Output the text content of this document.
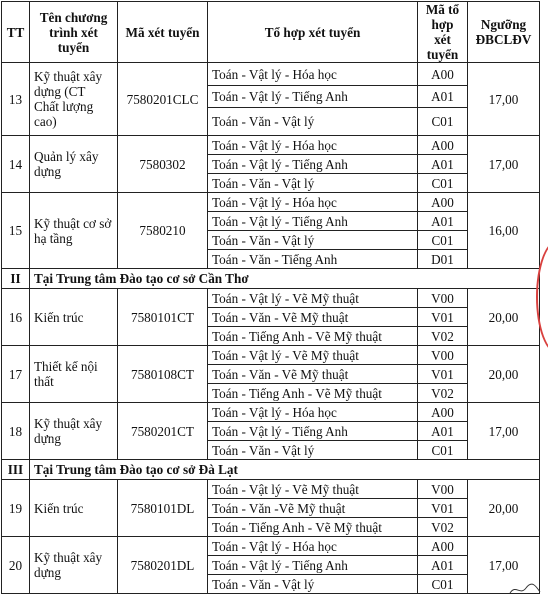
TT	Tên chương trình xét tuyển	Mã xét tuyển	Tổ hợp xét tuyển	Mã tổ hợp xét tuyển	Ngưỡng ĐBCLĐV
13	Kỹ thuật xây dựng (CT Chất lượng cao)	7580201CLC	Toán - Vật lý - Hóa học	A00	17,00
			Toán - Vật lý - Tiếng Anh	A01	
			Toán - Văn - Vật lý	C01	
14	Quản lý xây dựng	7580302	Toán - Vật lý - Hóa học	A00	17,00
			Toán - Vật lý - Tiếng Anh	A01	
			Toán - Văn - Vật lý	C01	
15	Kỹ thuật cơ sở hạ tầng	7580210	Toán - Vật lý - Hóa học	A00	16,00
			Toán - Vật lý - Tiếng Anh	A01	
			Toán - Văn - Vật lý	C01	
			Toán - Văn - Tiếng Anh	D01	
II	Tại Trung tâm Đào tạo cơ sở Cần Thơ				
16	Kiến trúc	7580101CT	Toán - Vật lý - Vẽ Mỹ thuật	V00	20,00
			Toán - Văn - Vẽ Mỹ thuật	V01	
			Toán - Tiếng Anh - Vẽ Mỹ thuật	V02	
17	Thiết kế nội thất	7580108CT	Toán - Vật lý - Vẽ Mỹ thuật	V00	20,00
			Toán - Văn - Vẽ Mỹ thuật	V01	
			Toán - Tiếng Anh - Vẽ Mỹ thuật	V02	
18	Kỹ thuật xây dựng	7580201CT	Toán - Vật lý - Hóa học	A00	17,00
			Toán - Vật lý - Tiếng Anh	A01	
			Toán - Văn - Vật lý	C01	
III	Tại Trung tâm Đào tạo cơ sở Đà Lạt				
19	Kiến trúc	7580101DL	Toán - Vật lý - Vẽ Mỹ thuật	V00	20,00
			Toán - Văn -Vẽ Mỹ thuật	V01	
			Toán - Tiếng Anh - Vẽ Mỹ thuật	V02	
20	Kỹ thuật xây dựng	7580201DL	Toán - Vật lý - Hóa học	A00	17,00
			Toán - Vật lý - Tiếng Anh	A01	
			Toán - Văn - Vật lý	C01	
